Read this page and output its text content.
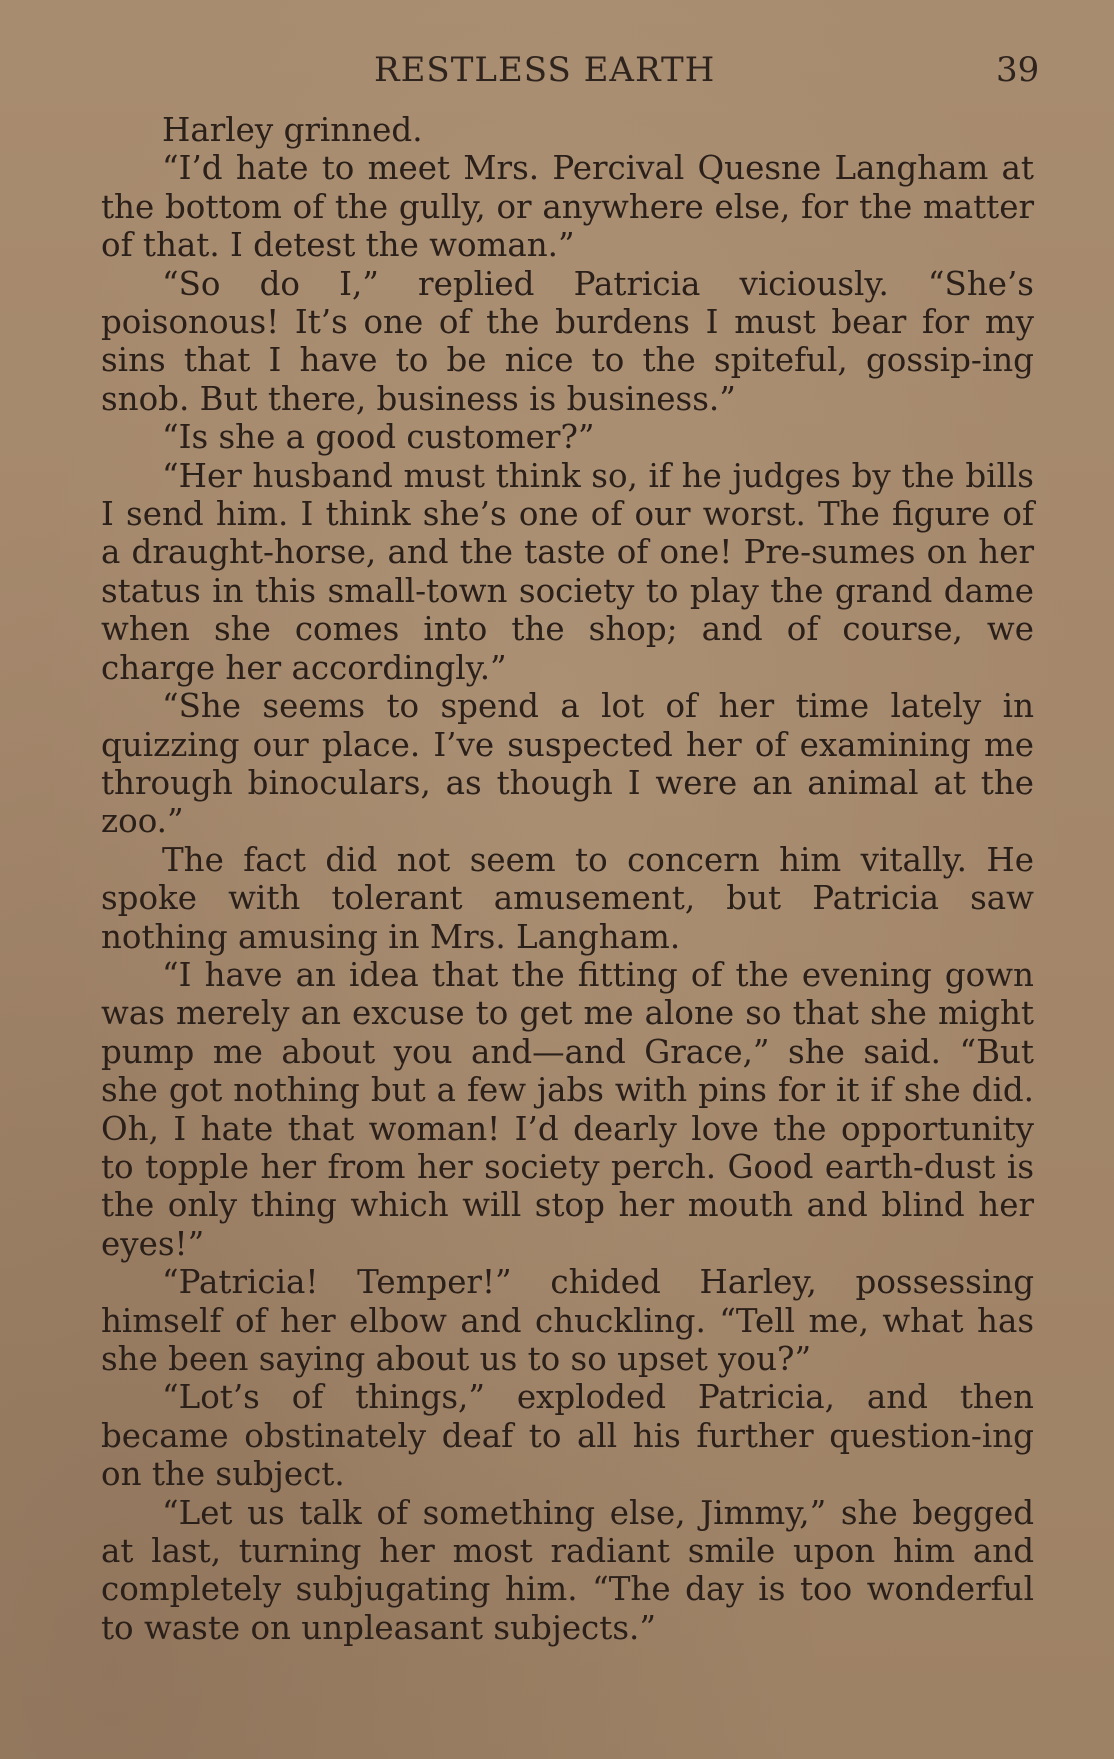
RESTLESS EARTH	39

Harley grinned.

“I’d hate to meet Mrs. Percival Quesne Langham at the bottom of the gully, or anywhere else, for the matter of that. I detest the woman.”

“So do I,” replied Patricia viciously. “She’s poisonous! It’s one of the burdens I must bear for my sins that I have to be nice to the spiteful, gossip-ing snob. But there, business is business.”

“Is she a good customer?”

“Her husband must think so, if he judges by the bills I send him. I think she’s one of our worst. The figure of a draught-horse, and the taste of one! Pre-sumes on her status in this small-town society to play the grand dame when she comes into the shop; and of course, we charge her accordingly.”

“She seems to spend a lot of her time lately in quizzing our place. I’ve suspected her of examining me through binoculars, as though I were an animal at the zoo.”

The fact did not seem to concern him vitally. He spoke with tolerant amusement, but Patricia saw nothing amusing in Mrs. Langham.

“I have an idea that the fitting of the evening gown was merely an excuse to get me alone so that she might pump me about you and—and Grace,” she said. “But she got nothing but a few jabs with pins for it if she did. Oh, I hate that woman! I’d dearly love the opportunity to topple her from her society perch. Good earth-dust is the only thing which will stop her mouth and blind her eyes!”

“Patricia! Temper!” chided Harley, possessing himself of her elbow and chuckling. “Tell me, what has she been saying about us to so upset you?”

“Lot’s of things,” exploded Patricia, and then became obstinately deaf to all his further question-ing on the subject.

“Let us talk of something else, Jimmy,” she begged at last, turning her most radiant smile upon him and completely subjugating him. “The day is too wonderful to waste on unpleasant subjects.”
